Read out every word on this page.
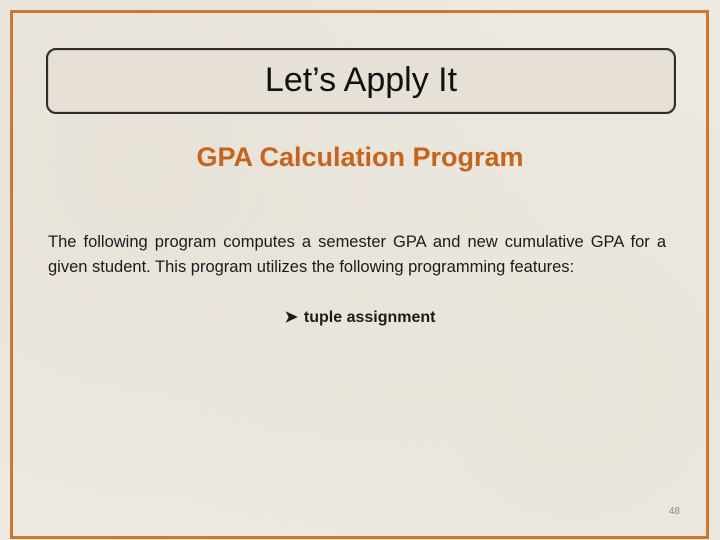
Let’s Apply It
GPA Calculation Program
The following program computes a semester GPA and new cumulative GPA for a given student. This program utilizes the following programming features:
➤ tuple assignment
48
